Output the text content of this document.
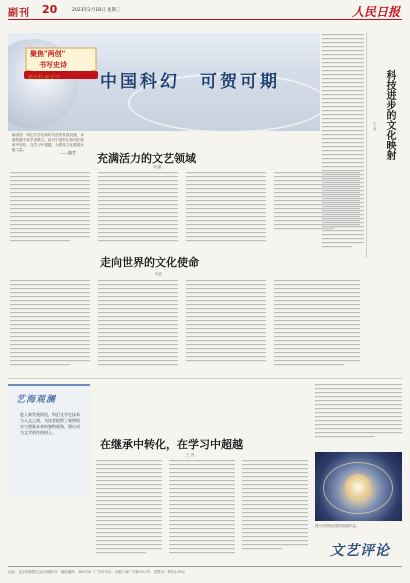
副刊 20	2023年2月18日 星期三	人民日报
聚焦"两创"
书写史诗
新征程 新文学 中国科幻　可贺可期
编者按：科幻文学在新时代迎来发展机遇，本版特邀专家学者撰文，探讨中国科幻如何在继承中转化、在学习中超越，为建设文化强国贡献力量。	——编者 充满活力的文艺领域
刘 慈
走向世界的文化使命
吴岩
科技进步的文化映射
王 莹
艺海观澜
进入新发展阶段，科幻文学在技术与人文之间，为读者提供了观照现实与想象未来的独特视角，理应成为文学创作的热土。
在继承中转化，在学习中超越
王 晋
图为中国科幻题材插画作品。
文艺评论
社址：北京市朝阳区金台西路2号　邮政编码：100733　广告许可证：京朝工商广字第0111号　零售价：每份1.00元
